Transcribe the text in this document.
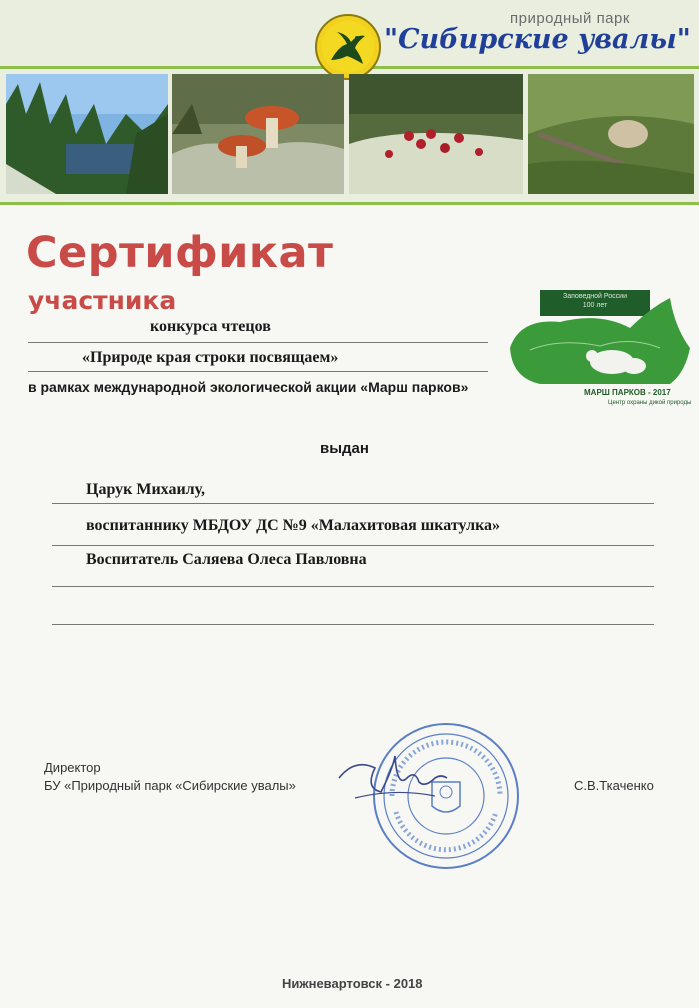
природный парк
"Сибирские увалы"
Сертификат
участника
конкурса чтецов
«Природе края строки посвящаем»
в рамках международной экологической акции «Марш парков»
Заповедной России
100 лет
МАРШ ПАРКОВ - 2017
Центр охраны дикой природы
выдан
Царук Михаилу,
воспитаннику МБДОУ ДС №9 «Малахитовая шкатулка»
Воспитатель Саляева Олеса Павловна
Директор
БУ «Природный парк «Сибирские увалы»	С.В.Ткаченко
Нижневартовск - 2018
